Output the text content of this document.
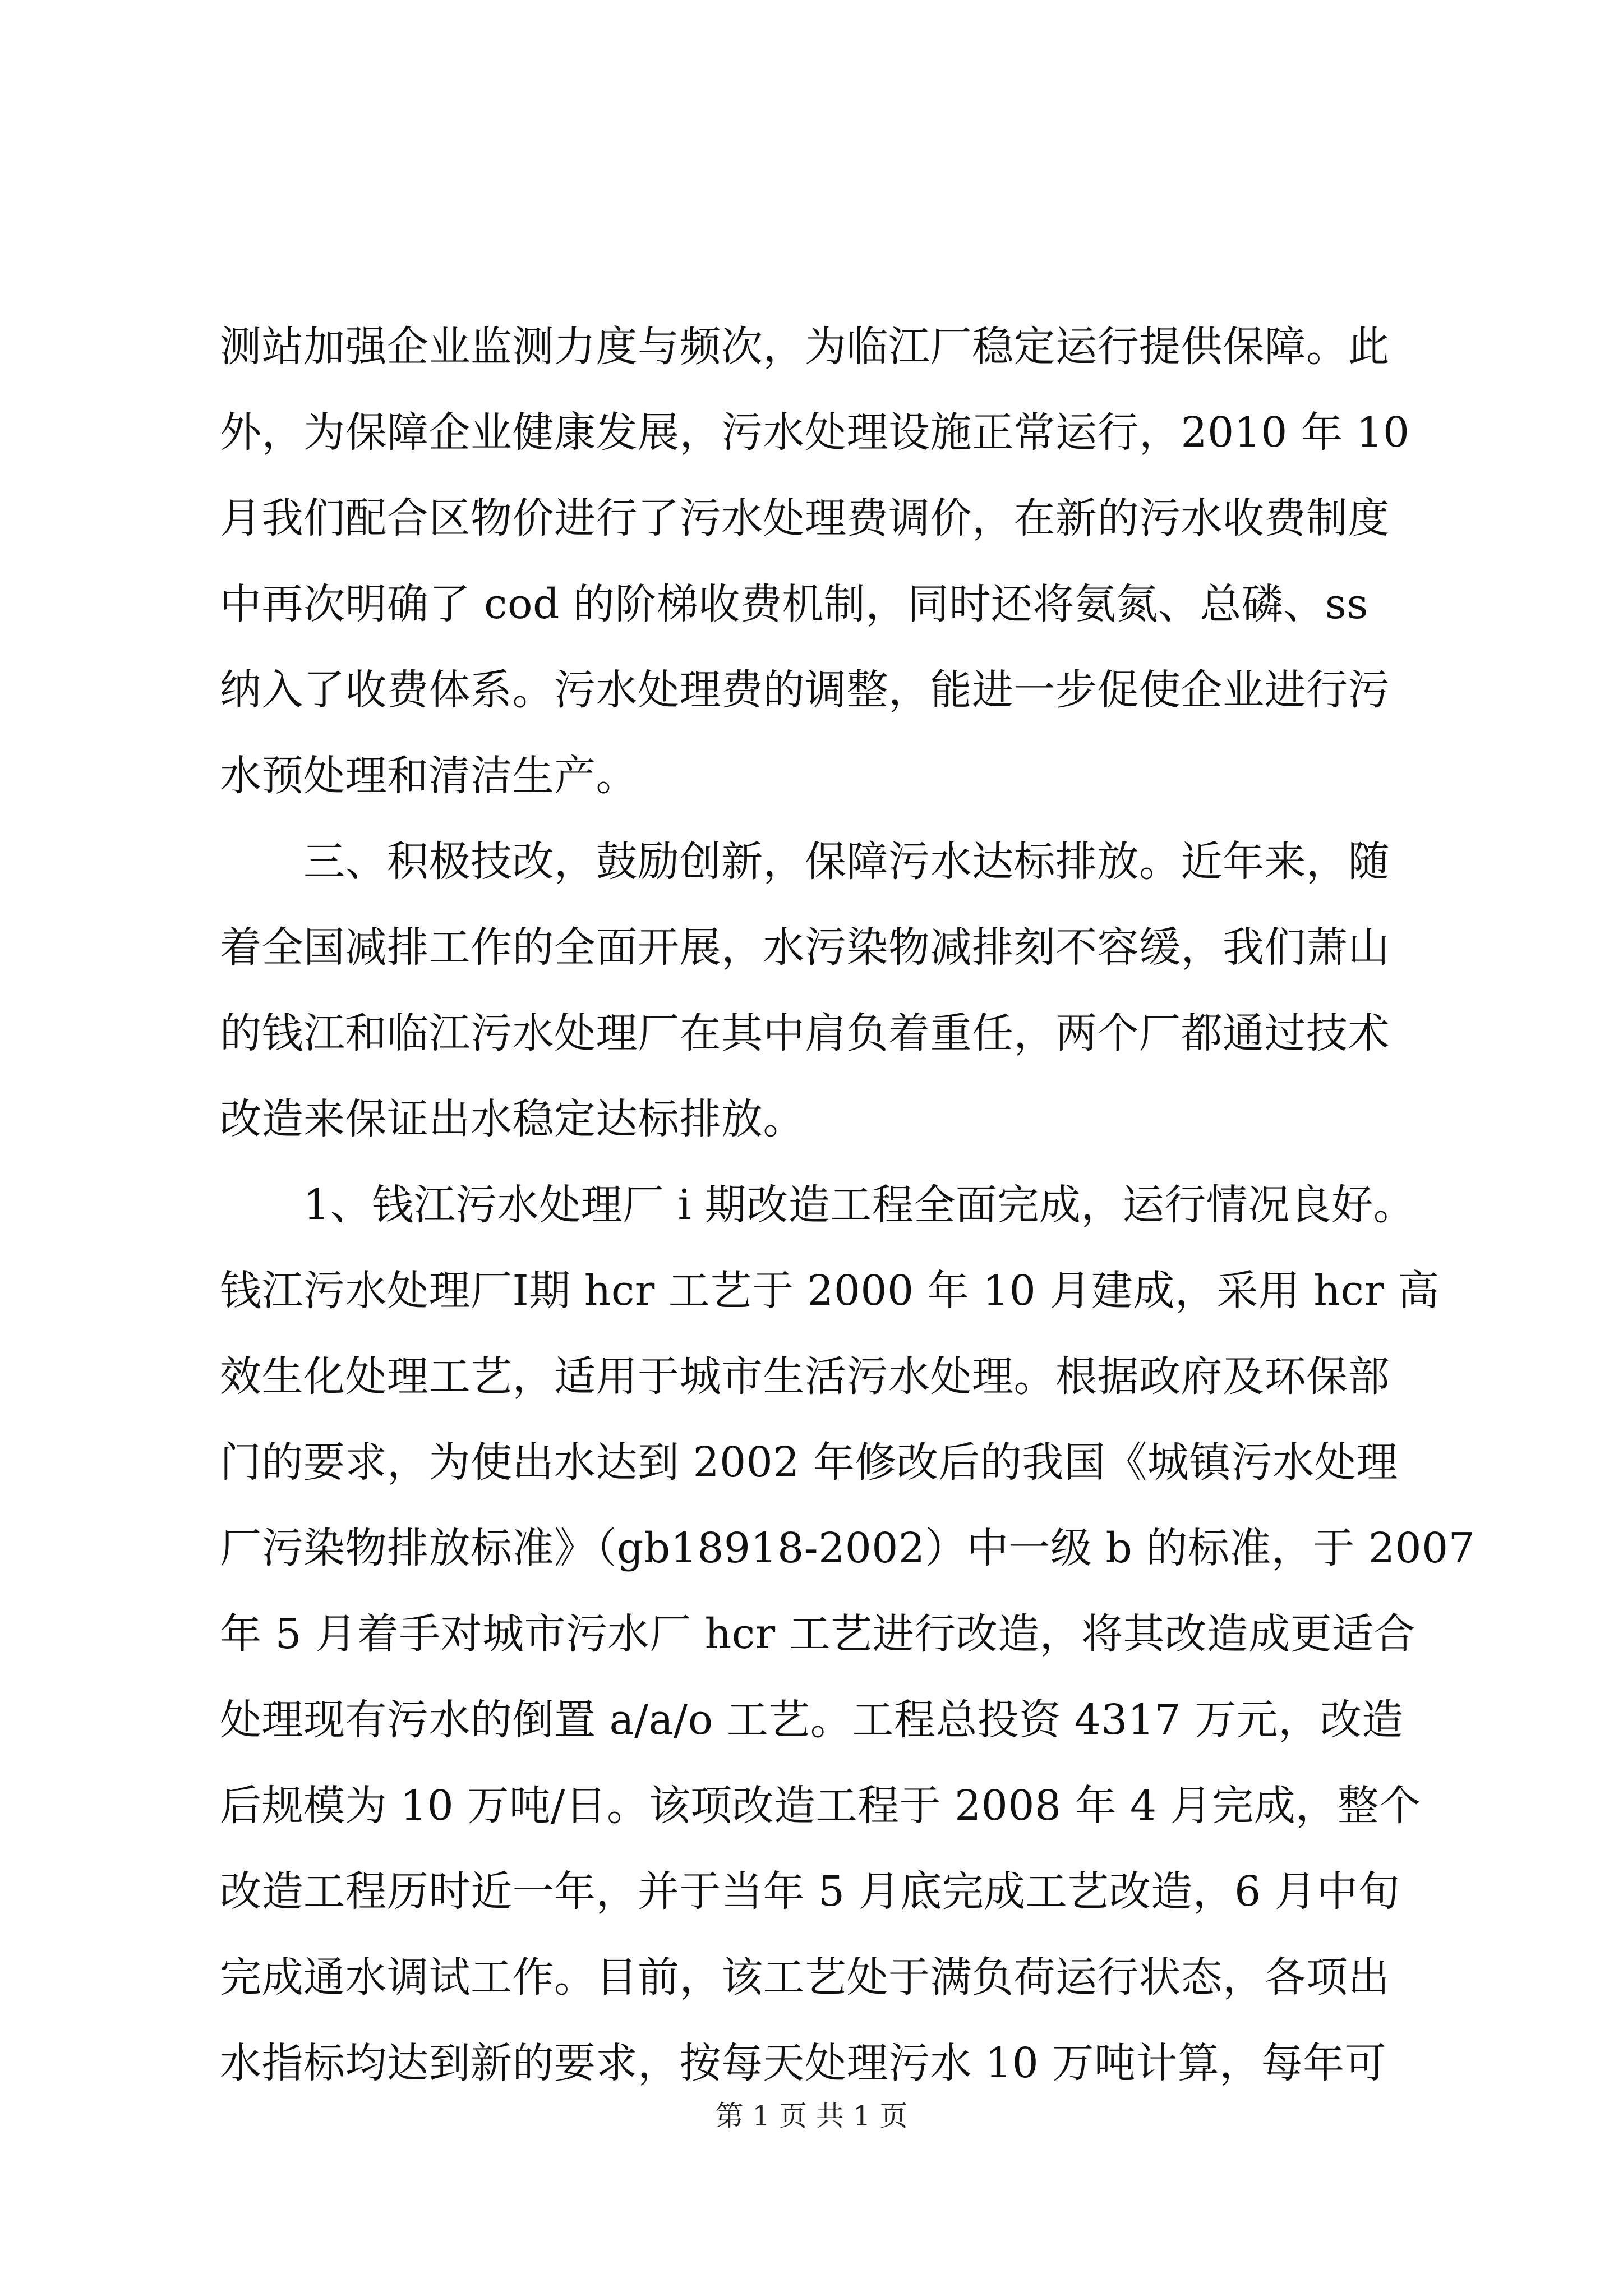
测站加强企业监测力度与频次，为临江厂稳定运行提供保障。此
外，为保障企业健康发展，污水处理设施正常运行，2010 年 10
月我们配合区物价进行了污水处理费调价，在新的污水收费制度
中再次明确了 cod 的阶梯收费机制，同时还将氨氮、总磷、ss
纳入了收费体系。污水处理费的调整，能进一步促使企业进行污
水预处理和清洁生产。
　　三、积极技改，鼓励创新，保障污水达标排放。近年来，随
着全国减排工作的全面开展，水污染物减排刻不容缓，我们萧山
的钱江和临江污水处理厂在其中肩负着重任，两个厂都通过技术
改造来保证出水稳定达标排放。
　　1、钱江污水处理厂 i 期改造工程全面完成，运行情况良好。
钱江污水处理厂Ⅰ期 hcr 工艺于 2000 年 10 月建成，采用 hcr 高
效生化处理工艺，适用于城市生活污水处理。根据政府及环保部
门的要求，为使出水达到 2002 年修改后的我国《城镇污水处理
厂污染物排放标准》（gb18918-2002）中一级 b 的标准，于 2007
年 5 月着手对城市污水厂 hcr 工艺进行改造，将其改造成更适合
处理现有污水的倒置 a/a/o 工艺。工程总投资 4317 万元，改造
后规模为 10 万吨/日。该项改造工程于 2008 年 4 月完成，整个
改造工程历时近一年，并于当年 5 月底完成工艺改造，6 月中旬
完成通水调试工作。目前，该工艺处于满负荷运行状态，各项出
水指标均达到新的要求，按每天处理污水 10 万吨计算，每年可
第 1 页 共 1 页
